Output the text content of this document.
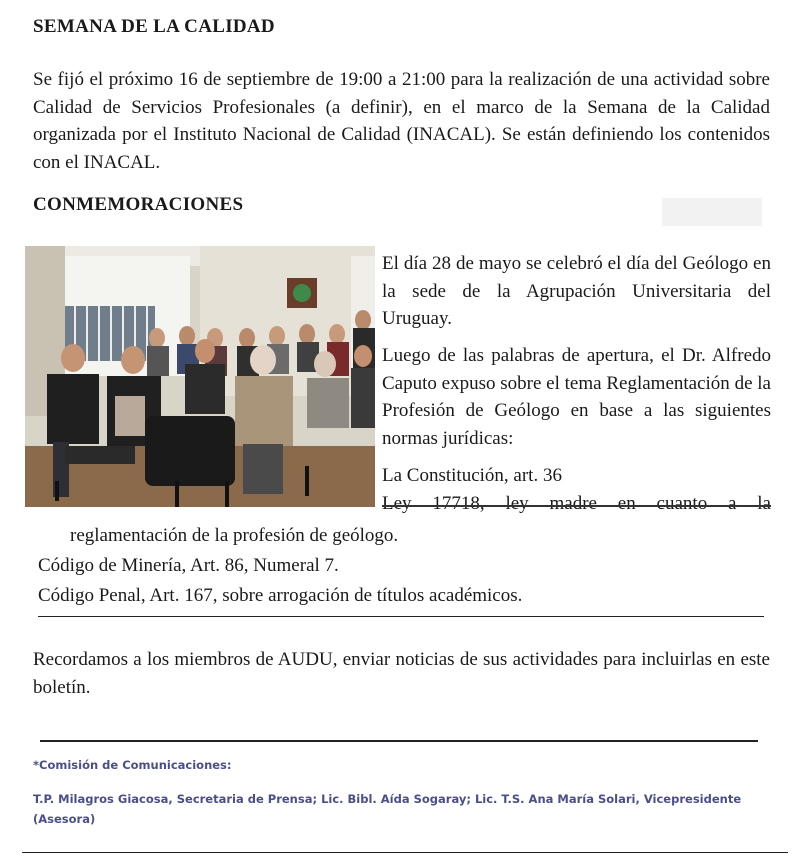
SEMANA DE LA CALIDAD
Se fijó el próximo 16 de septiembre de 19:00 a 21:00 para la realización de una actividad sobre Calidad de Servicios Profesionales (a definir), en el marco de la Semana de la Calidad organizada por el Instituto Nacional de Calidad (INACAL). Se están definiendo los contenidos con el INACAL.
CONMEMORACIONES
El día 28 de mayo se celebró el día del Geólogo en la sede de la Agrupación Universitaria del Uruguay.
Luego de las palabras de apertura, el Dr. Alfredo Caputo expuso sobre el tema Reglamentación de la Profesión de Geólogo en base a las siguientes normas jurídicas:
La Constitución, art. 36
Ley 17718, ley madre en cuanto a la
reglamentación de la profesión de geólogo.
Código de Minería, Art. 86, Numeral 7.
Código Penal, Art. 167, sobre arrogación de títulos académicos.
Recordamos a los miembros de AUDU, enviar noticias de sus actividades para incluirlas en este boletín.
*Comisión de Comunicaciones:
T.P. Milagros Giacosa, Secretaria de Prensa; Lic. Bibl. Aída Sogaray; Lic. T.S. Ana María Solari, Vicepresidente (Asesora)
